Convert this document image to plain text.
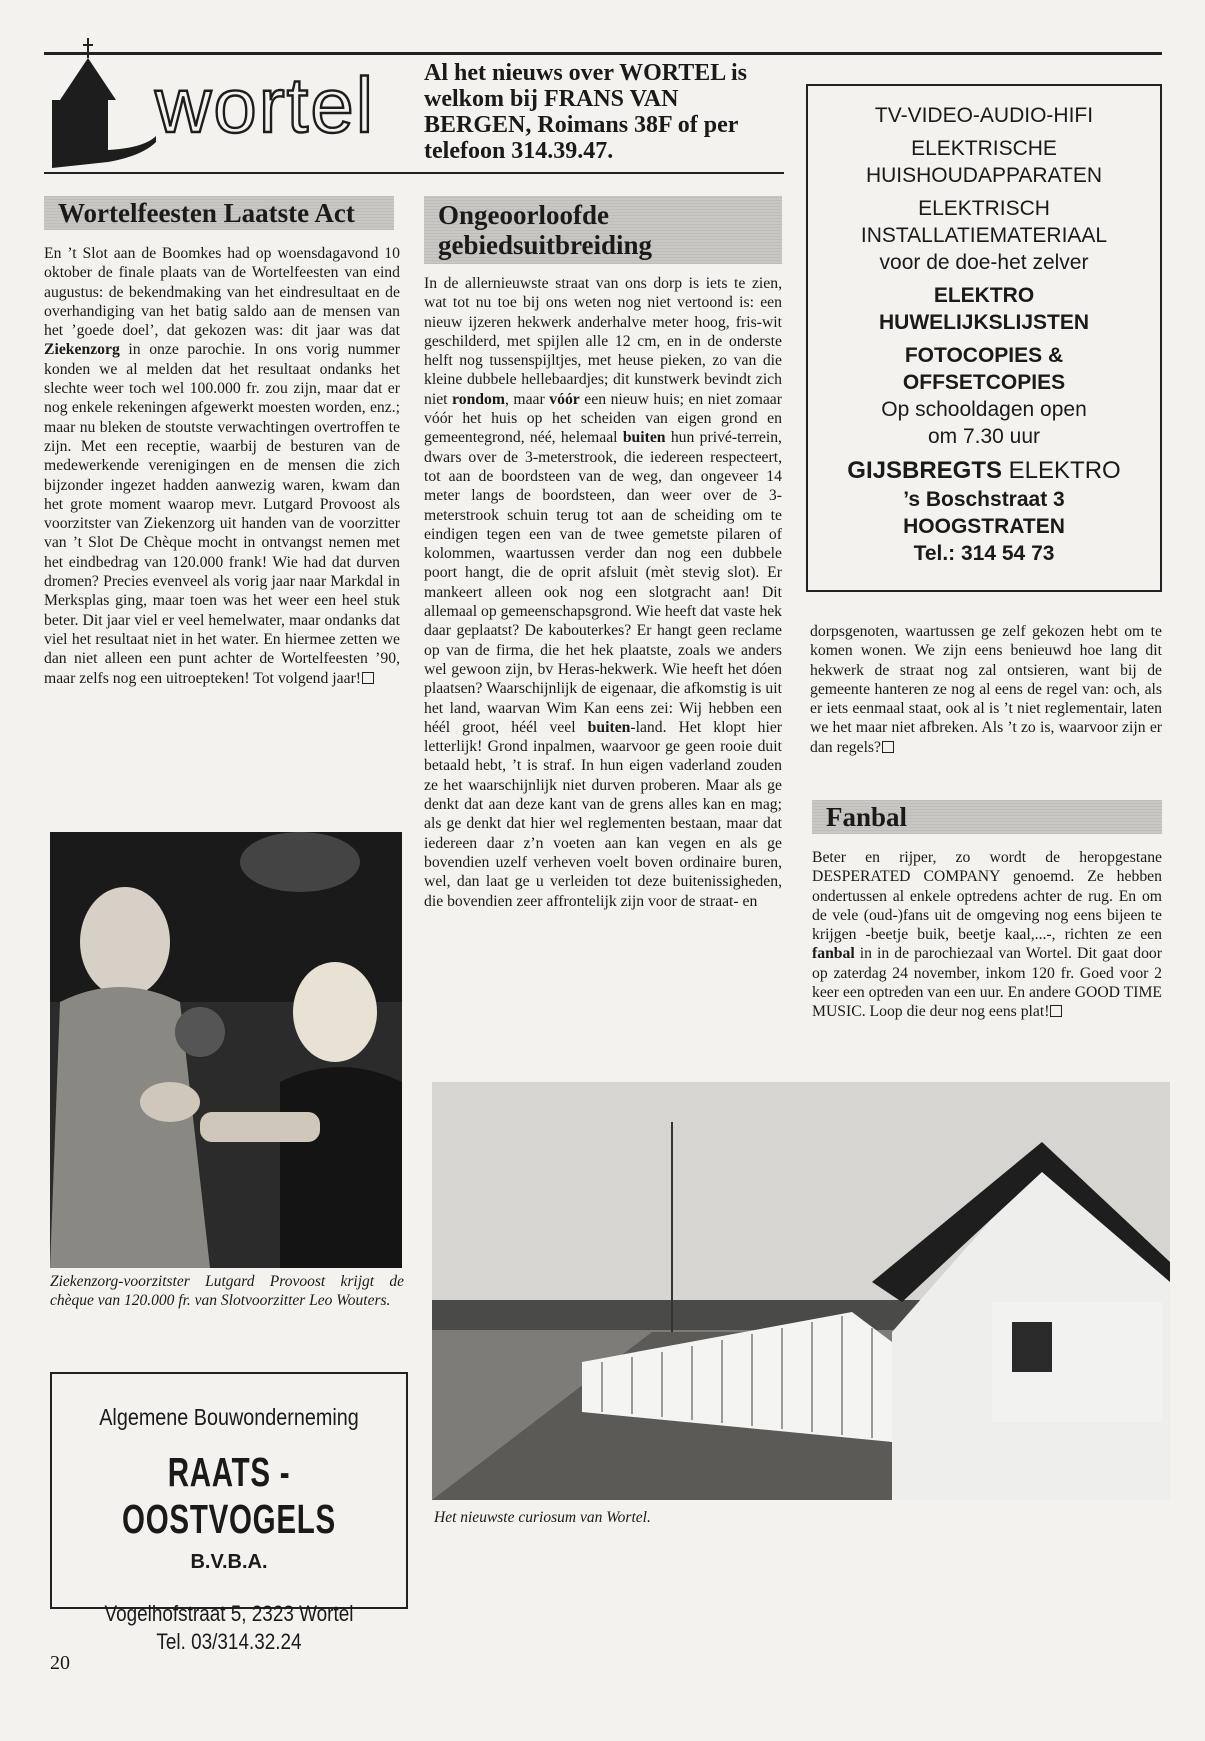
wortel Al het nieuws over WORTEL is welkom bij FRANS VAN BERGEN, Roimans 38F of per telefoon 314.39.47.
Wortelfeesten Laatste Act
En ’t Slot aan de Boomkes had op woensdagavond 10 oktober de finale plaats van de Wortelfeesten van eind augustus: de bekendmaking van het eindresultaat en de overhandiging van het batig saldo aan de mensen van het ’goede doel’, dat gekozen was: dit jaar was dat Ziekenzorg in onze parochie. In ons vorig nummer konden we al melden dat het resultaat ondanks het slechte weer toch wel 100.000 fr. zou zijn, maar dat er nog enkele rekeningen afgewerkt moesten worden, enz.; maar nu bleken de stoutste verwachtingen overtroffen te zijn. Met een receptie, waarbij de besturen van de medewerkende verenigingen en de mensen die zich bijzonder ingezet hadden aanwezig waren, kwam dan het grote moment waarop mevr. Lutgard Provoost als voorzitster van Ziekenzorg uit handen van de voorzitter van ’t Slot De Chèque mocht in ontvangst nemen met het eindbedrag van 120.000 frank! Wie had dat durven dromen? Precies evenveel als vorig jaar naar Markdal in Merksplas ging, maar toen was het weer een heel stuk beter. Dit jaar viel er veel hemelwater, maar ondanks dat viel het resultaat niet in het water. En hiermee zetten we dan niet alleen een punt achter de Wortelfeesten ’90, maar zelfs nog een uitroepteken! Tot volgend jaar!
Ziekenzorg-voorzitster Lutgard Provoost krijgt de chèque van 120.000 fr. van Slotvoorzitter Leo Wouters.
Algemene Bouwonderneming
RAATS - OOSTVOGELS
B.V.B.A.
Vogelhofstraat 5, 2323 Wortel
Tel. 03/314.32.24
20
Ongeoorloofde
gebiedsuitbreiding
In de allernieuwste straat van ons dorp is iets te zien, wat tot nu toe bij ons weten nog niet vertoond is: een nieuw ijzeren hekwerk anderhalve meter hoog, fris-wit geschilderd, met spijlen alle 12 cm, en in de onderste helft nog tussenspijltjes, met heuse pieken, zo van die kleine dubbele hellebaardjes; dit kunstwerk bevindt zich niet rondom, maar vóór een nieuw huis; en niet zomaar vóór het huis op het scheiden van eigen grond en gemeentegrond, néé, helemaal buiten hun privé-terrein, dwars over de 3-meterstrook, die iedereen respecteert, tot aan de boordsteen van de weg, dan ongeveer 14 meter langs de boordsteen, dan weer over de 3-meterstrook schuin terug tot aan de scheiding om te eindigen tegen een van de twee gemetste pilaren of kolommen, waartussen verder dan nog een dubbele poort hangt, die de oprit afsluit (mèt stevig slot). Er mankeert alleen ook nog een slotgracht aan! Dit allemaal op gemeenschapsgrond. Wie heeft dat vaste hek daar geplaatst? De kabouterkes? Er hangt geen reclame op van de firma, die het hek plaatste, zoals we anders wel gewoon zijn, bv Heras-hekwerk. Wie heeft het dóen plaatsen? Waarschijnlijk de eigenaar, die afkomstig is uit het land, waarvan Wim Kan eens zei: Wij hebben een héél groot, héél veel buiten-land. Het klopt hier letterlijk! Grond inpalmen, waarvoor ge geen rooie duit betaald hebt, ’t is straf. In hun eigen vaderland zouden ze het waarschijnlijk niet durven proberen. Maar als ge denkt dat aan deze kant van de grens alles kan en mag; als ge denkt dat hier wel reglementen bestaan, maar dat iedereen daar z’n voeten aan kan vegen en als ge bovendien uzelf verheven voelt boven ordinaire buren, wel, dan laat ge u verleiden tot deze buitenissigheden, die bovendien zeer affrontelijk zijn voor de straat- en
dorpsgenoten, waartussen ge zelf gekozen hebt om te komen wonen. We zijn eens benieuwd hoe lang dit hekwerk de straat nog zal ontsieren, want bij de gemeente hanteren ze nog al eens de regel van: och, als er iets eenmaal staat, ook al is ’t niet reglementair, laten we het maar niet afbreken. Als ’t zo is, waarvoor zijn er dan regels?
Fanbal
Beter en rijper, zo wordt de heropgestane DESPERATED COMPANY genoemd. Ze hebben ondertussen al enkele optredens achter de rug. En om de vele (oud-)fans uit de omgeving nog eens bijeen te krijgen -beetje buik, beetje kaal,...-, richten ze een fanbal in in de parochiezaal van Wortel. Dit gaat door op zaterdag 24 november, inkom 120 fr. Goed voor 2 keer een optreden van een uur. En andere GOOD TIME MUSIC. Loop die deur nog eens plat!
TV-VIDEO-AUDIO-HIFI
ELEKTRISCHE
HUISHOUDAPPARATEN
ELEKTRISCH
INSTALLATIEMATERIAAL
voor de doe-het zelver
ELEKTRO
HUWELIJKSLIJSTEN
FOTOCOPIES &
OFFSETCOPIES
Op schooldagen open
om 7.30 uur
GIJSBREGTS ELEKTRO
’s Boschstraat 3
HOOGSTRATEN
Tel.: 314 54 73
Het nieuwste curiosum van Wortel.
